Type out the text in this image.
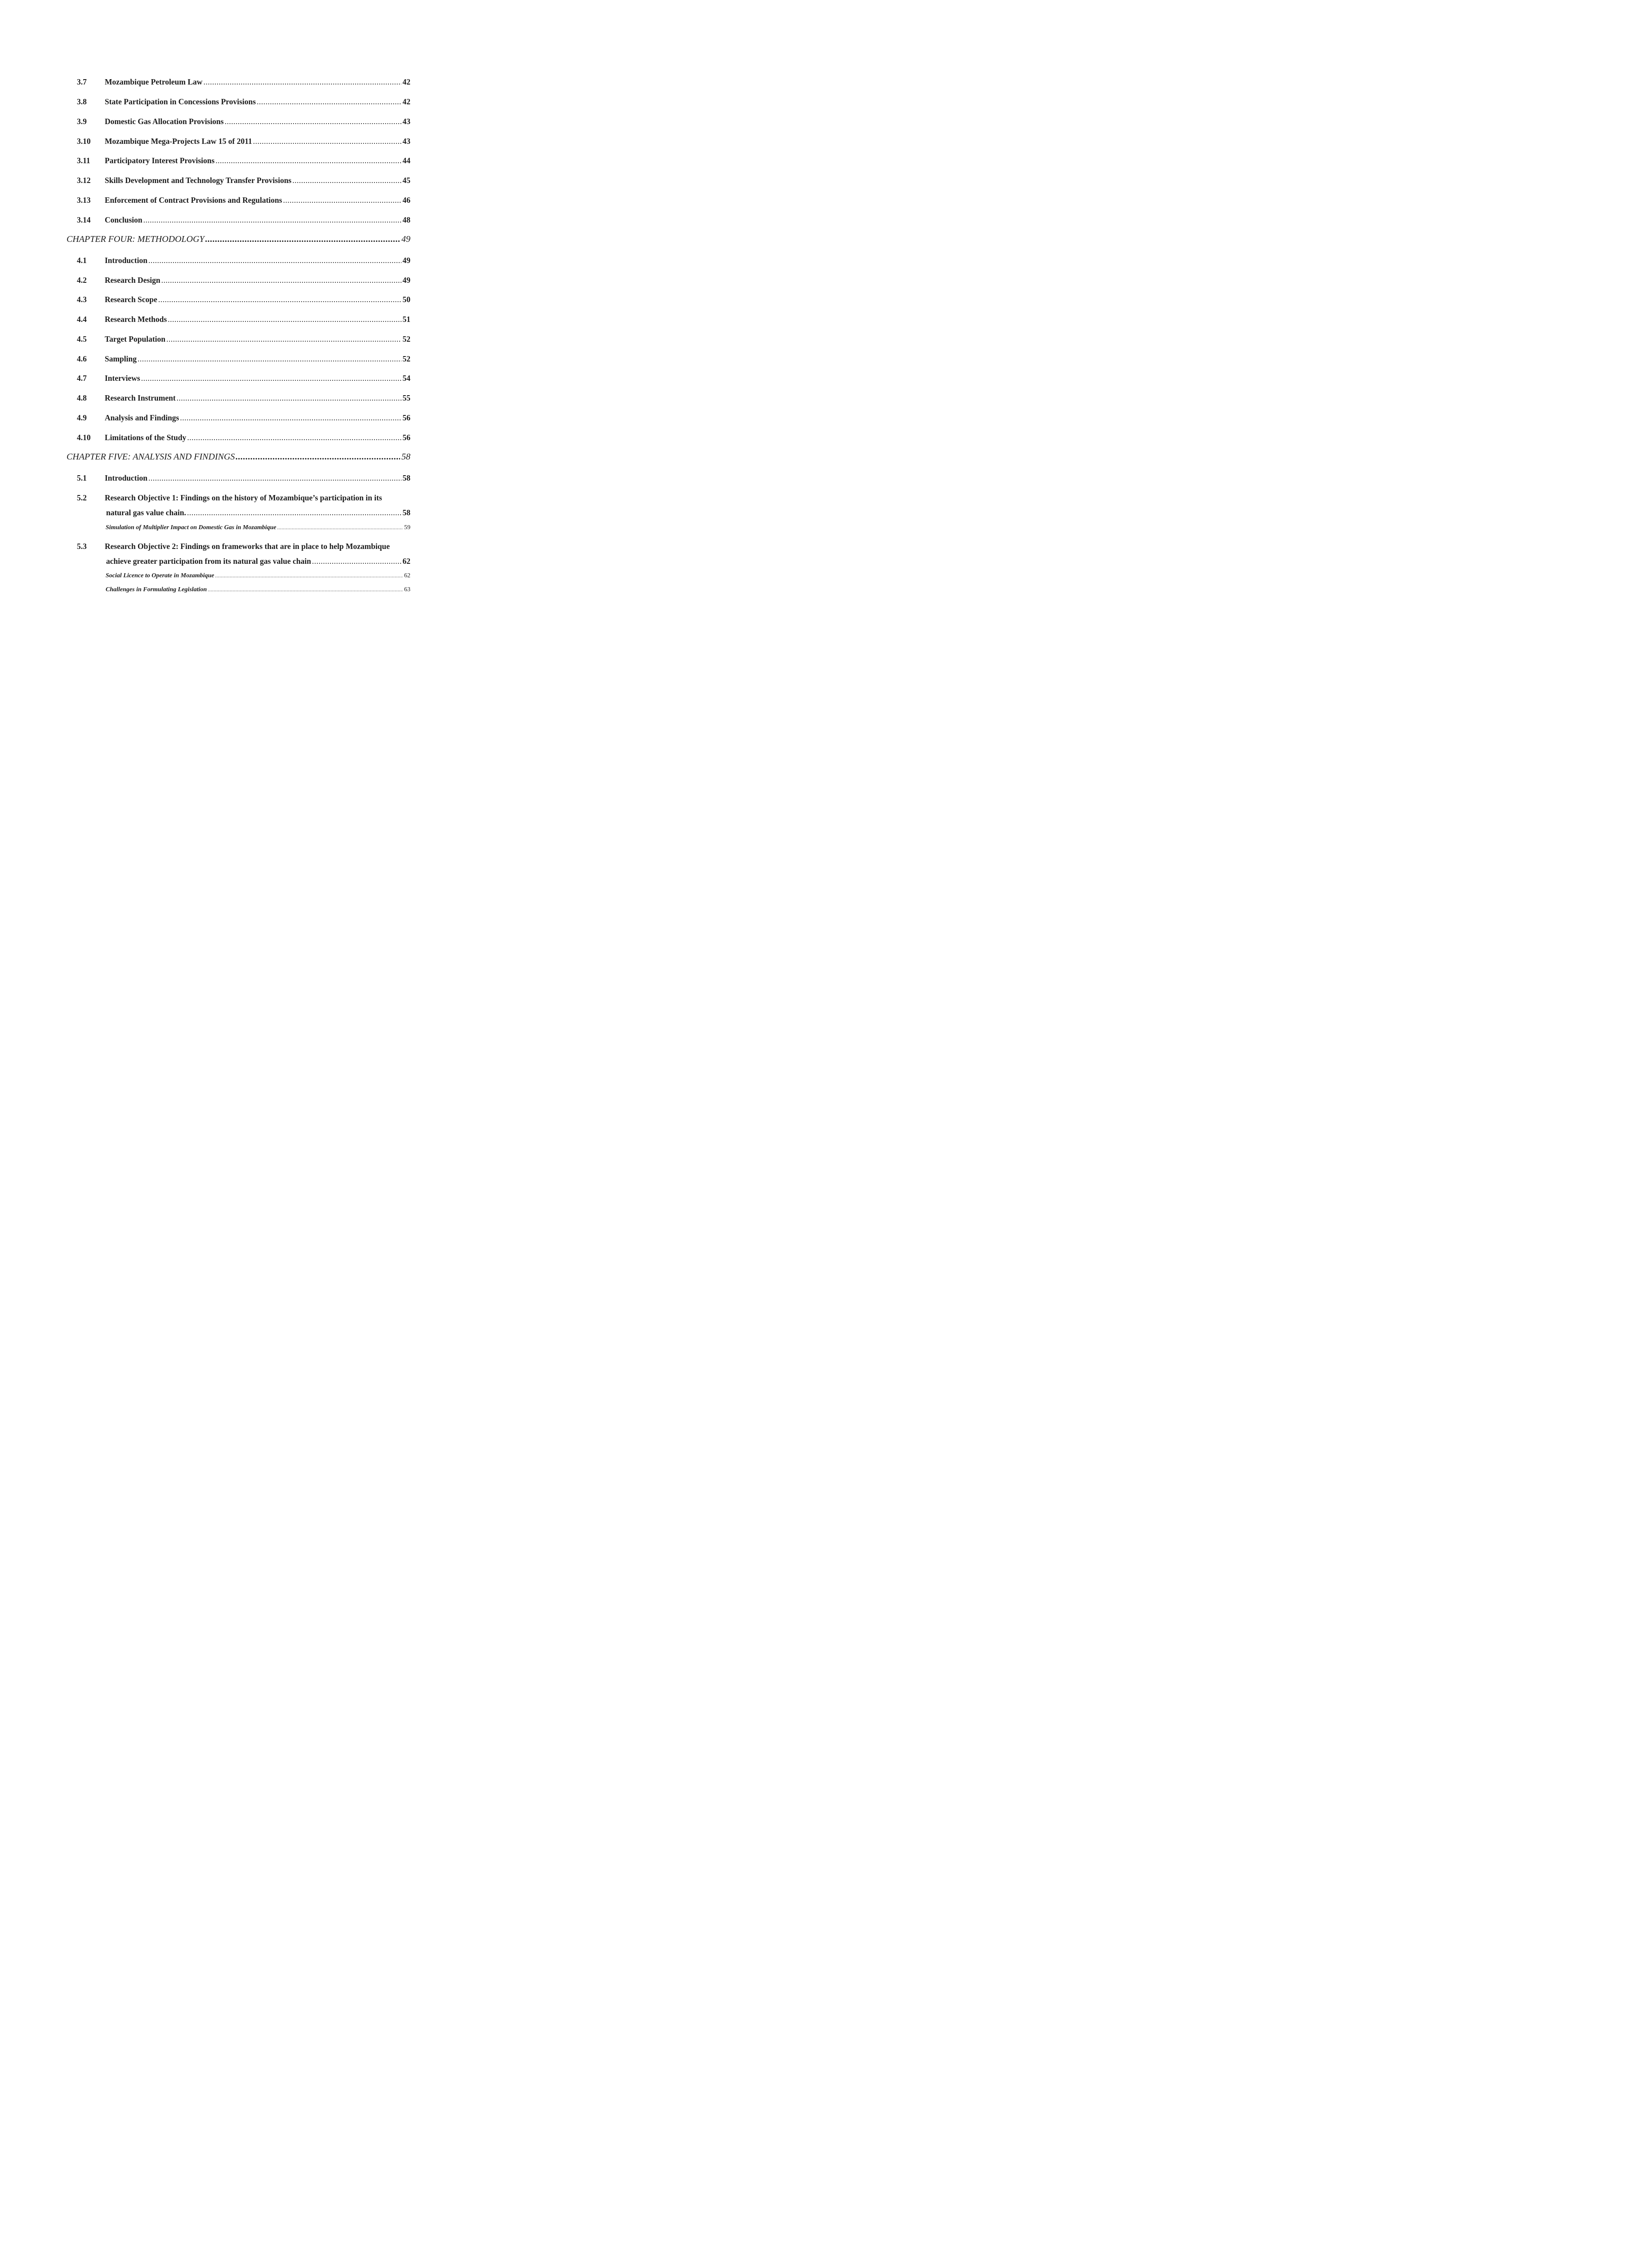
3.7 Mozambique Petroleum Law .....	42
3.8 State Participation in Concessions Provisions .....	42
3.9 Domestic Gas Allocation Provisions .....	43
3.10 Mozambique Mega-Projects Law 15 of 2011 .....	43
3.11 Participatory Interest Provisions .....	44
3.12 Skills Development and Technology Transfer Provisions .....	45
3.13 Enforcement of Contract Provisions and Regulations .....	46
3.14 Conclusion .....	48
CHAPTER FOUR: METHODOLOGY .....	49
4.1 Introduction .....	49
4.2 Research Design .....	49
4.3 Research Scope .....	50
4.4 Research Methods .....	51
4.5 Target Population .....	52
4.6 Sampling .....	52
4.7 Interviews .....	54
4.8 Research Instrument .....	55
4.9 Analysis and Findings .....	56
4.10 Limitations of the Study .....	56
CHAPTER FIVE: ANALYSIS AND FINDINGS .....	58
5.1 Introduction .....	58
5.2 Research Objective 1: Findings on the history of Mozambique’s participation in its
natural gas value chain. .....	58
Simulation of Multiplier Impact on Domestic Gas in Mozambique .....	59
5.3 Research Objective 2: Findings on frameworks that are in place to help Mozambique
achieve greater participation from its natural gas value chain .....	62
Social Licence to Operate in Mozambique .....	62
Challenges in Formulating Legislation .....	63
